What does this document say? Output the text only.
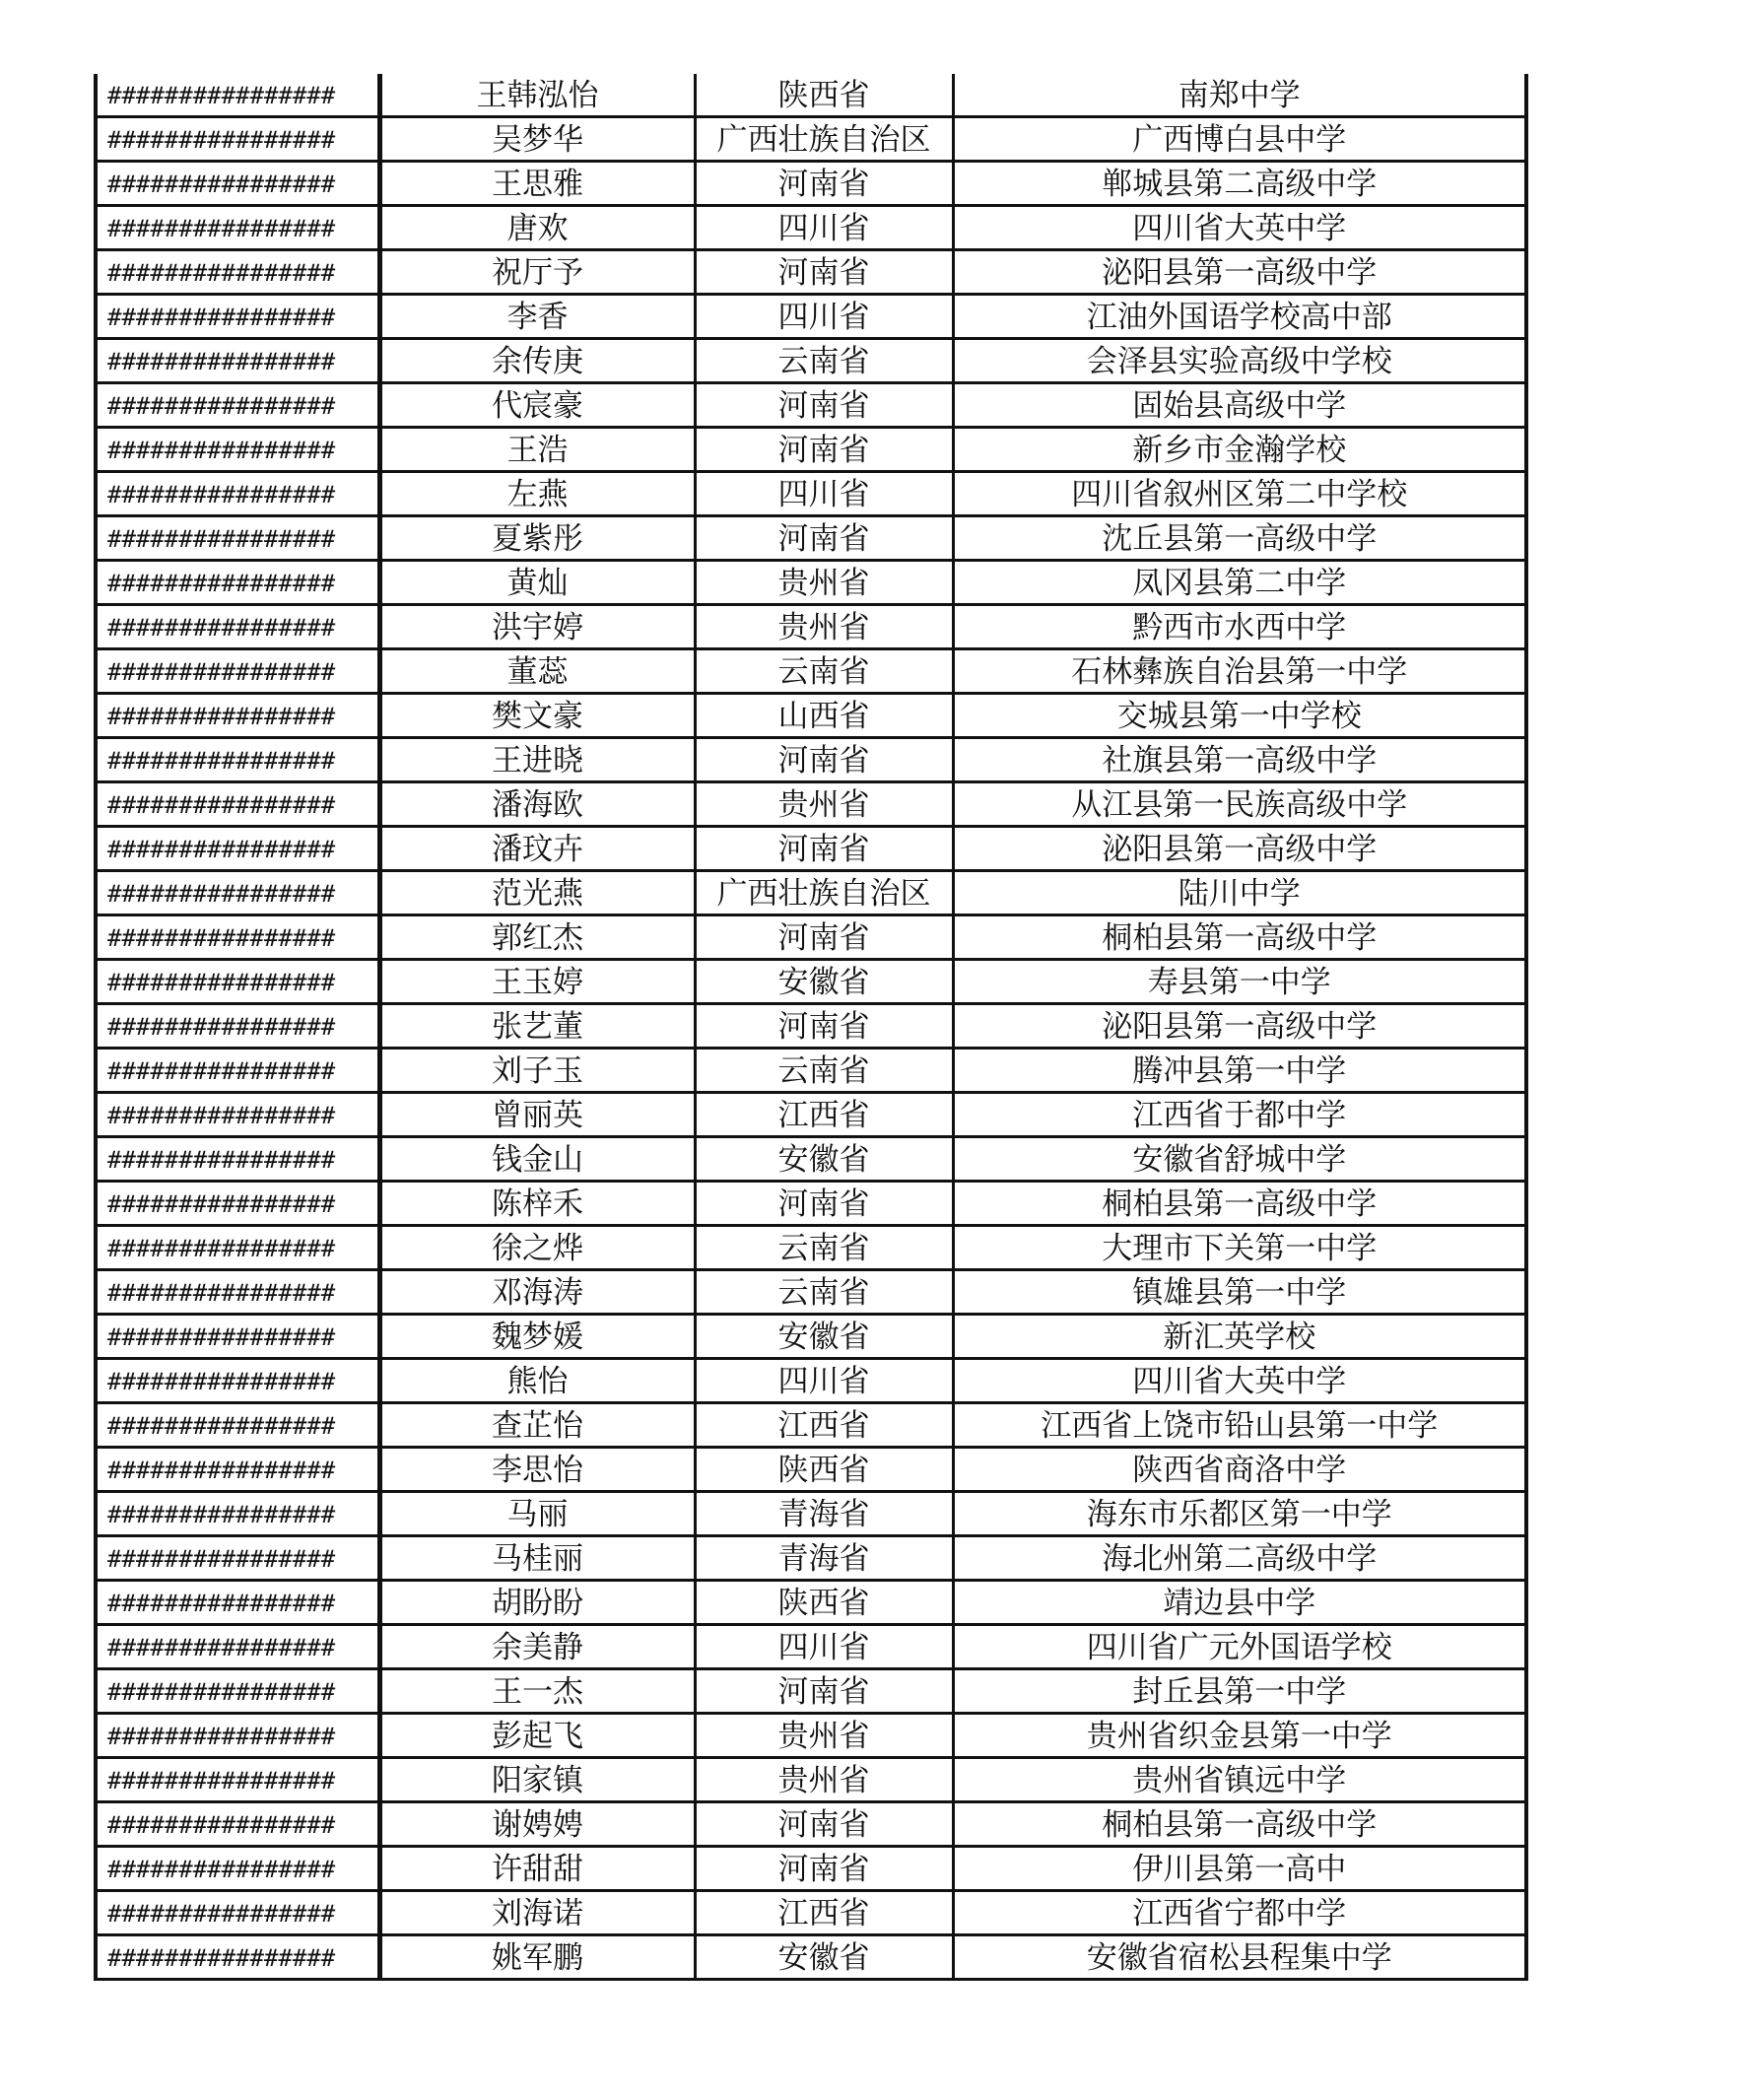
################	王韩泓怡	陕西省	南郑中学
################	吴梦华	广西壮族自治区	广西博白县中学
################	王思雅	河南省	郸城县第二高级中学
################	唐欢	四川省	四川省大英中学
################	祝厅予	河南省	泌阳县第一高级中学
################	李香	四川省	江油外国语学校高中部
################	余传庚	云南省	会泽县实验高级中学校
################	代宸豪	河南省	固始县高级中学
################	王浩	河南省	新乡市金瀚学校
################	左燕	四川省	四川省叙州区第二中学校
################	夏紫彤	河南省	沈丘县第一高级中学
################	黄灿	贵州省	凤冈县第二中学
################	洪宇婷	贵州省	黔西市水西中学
################	董蕊	云南省	石林彝族自治县第一中学
################	樊文豪	山西省	交城县第一中学校
################	王进晓	河南省	社旗县第一高级中学
################	潘海欧	贵州省	从江县第一民族高级中学
################	潘玟卉	河南省	泌阳县第一高级中学
################	范光燕	广西壮族自治区	陆川中学
################	郭红杰	河南省	桐柏县第一高级中学
################	王玉婷	安徽省	寿县第一中学
################	张艺董	河南省	泌阳县第一高级中学
################	刘子玉	云南省	腾冲县第一中学
################	曾丽英	江西省	江西省于都中学
################	钱金山	安徽省	安徽省舒城中学
################	陈梓禾	河南省	桐柏县第一高级中学
################	徐之烨	云南省	大理市下关第一中学
################	邓海涛	云南省	镇雄县第一中学
################	魏梦媛	安徽省	新汇英学校
################	熊怡	四川省	四川省大英中学
################	查芷怡	江西省	江西省上饶市铅山县第一中学
################	李思怡	陕西省	陕西省商洛中学
################	马丽	青海省	海东市乐都区第一中学
################	马桂丽	青海省	海北州第二高级中学
################	胡盼盼	陕西省	靖边县中学
################	余美静	四川省	四川省广元外国语学校
################	王一杰	河南省	封丘县第一中学
################	彭起飞	贵州省	贵州省织金县第一中学
################	阳家镇	贵州省	贵州省镇远中学
################	谢娉娉	河南省	桐柏县第一高级中学
################	许甜甜	河南省	伊川县第一高中
################	刘海诺	江西省	江西省宁都中学
################	姚军鹏	安徽省	安徽省宿松县程集中学
